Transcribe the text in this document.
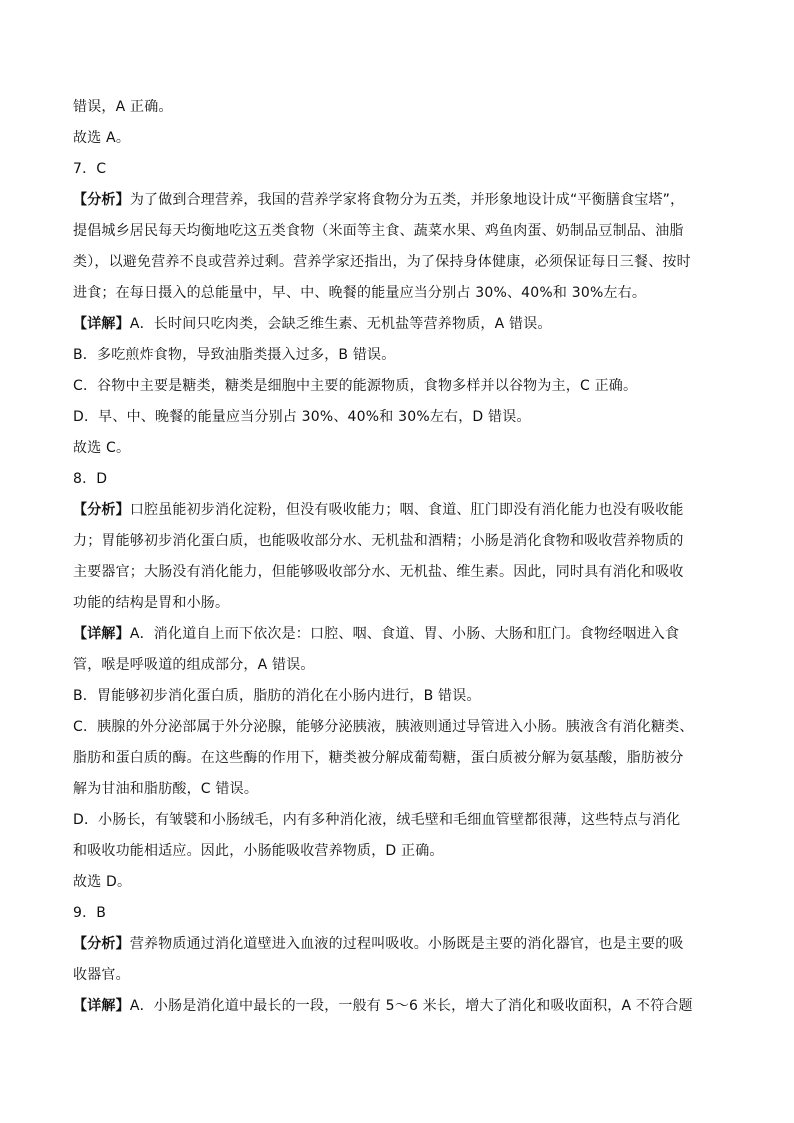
错误，A 正确。
故选 A。
7．C
【分析】为了做到合理营养，我国的营养学家将食物分为五类，并形象地设计成“平衡膳食宝塔”，
提倡城乡居民每天均衡地吃这五类食物（米面等主食、蔬菜水果、鸡鱼肉蛋、奶制品豆制品、油脂
类），以避免营养不良或营养过剩。营养学家还指出，为了保持身体健康，必须保证每日三餐、按时
进食；在每日摄入的总能量中，早、中、晚餐的能量应当分别占 30%、40%和 30%左右。
【详解】A．长时间只吃肉类，会缺乏维生素、无机盐等营养物质，A 错误。
B．多吃煎炸食物，导致油脂类摄入过多，B 错误。
C．谷物中主要是糖类，糖类是细胞中主要的能源物质，食物多样并以谷物为主，C 正确。
D．早、中、晚餐的能量应当分别占 30%、40%和 30%左右，D 错误。
故选 C。
8．D
【分析】口腔虽能初步消化淀粉，但没有吸收能力；咽、食道、肛门即没有消化能力也没有吸收能
力；胃能够初步消化蛋白质，也能吸收部分水、无机盐和酒精；小肠是消化食物和吸收营养物质的
主要器官；大肠没有消化能力，但能够吸收部分水、无机盐、维生素。因此，同时具有消化和吸收
功能的结构是胃和小肠。
【详解】A．消化道自上而下依次是：口腔、咽、食道、胃、小肠、大肠和肛门。食物经咽进入食
管，喉是呼吸道的组成部分，A 错误。
B．胃能够初步消化蛋白质，脂肪的消化在小肠内进行，B 错误。
C．胰腺的外分泌部属于外分泌腺，能够分泌胰液，胰液则通过导管进入小肠。胰液含有消化糖类、
脂肪和蛋白质的酶。在这些酶的作用下，糖类被分解成葡萄糖，蛋白质被分解为氨基酸，脂肪被分
解为甘油和脂肪酸，C 错误。
D．小肠长，有皱襞和小肠绒毛，内有多种消化液，绒毛壁和毛细血管壁都很薄，这些特点与消化
和吸收功能相适应。因此，小肠能吸收营养物质，D 正确。
故选 D。
9．B
【分析】营养物质通过消化道壁进入血液的过程叫吸收。小肠既是主要的消化器官，也是主要的吸
收器官。
【详解】A．小肠是消化道中最长的一段，一般有 5～6 米长，增大了消化和吸收面积，A 不符合题
